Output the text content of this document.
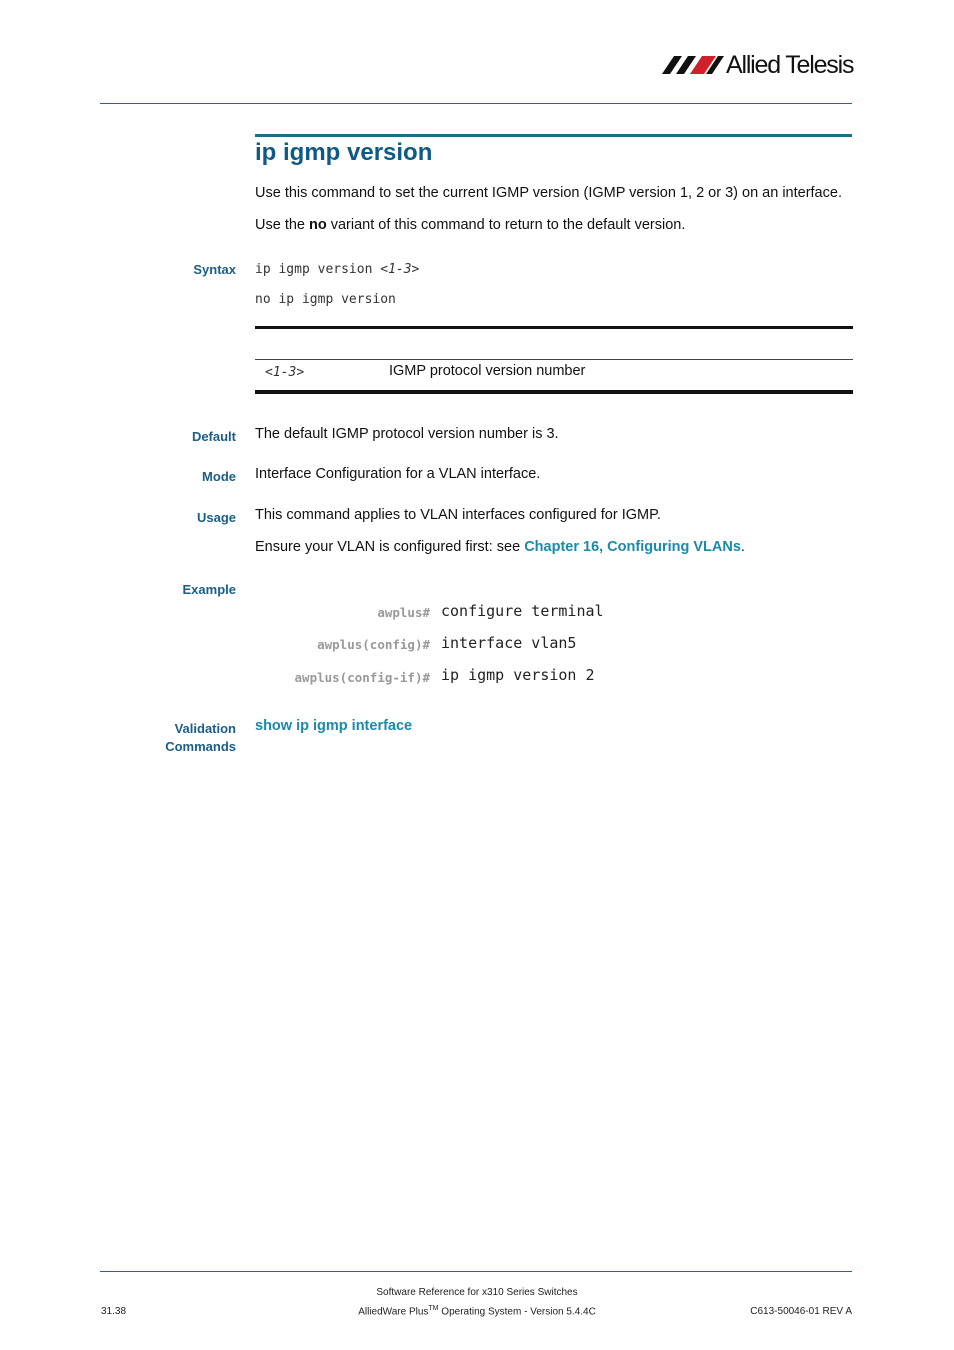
Allied Telesis
ip igmp version
Use this command to set the current IGMP version (IGMP version 1, 2 or 3) on an interface.
Use the no variant of this command to return to the default version.
Syntax ip igmp version <1-3>
no ip igmp version
<1-3>	IGMP protocol version number
Default The default IGMP protocol version number is 3.
Mode Interface Configuration for a VLAN interface.
Usage This command applies to VLAN interfaces configured for IGMP.
Ensure your VLAN is configured first: see Chapter 16, Configuring VLANs.
Example
awplus# configure terminal
awplus(config)# interface vlan5
awplus(config-if)# ip igmp version 2
Validation
Commands
show ip igmp interface
Software Reference for x310 Series Switches
AlliedWare Plus™ Operating System - Version 5.4.4C
31.38	C613-50046-01 REV A
